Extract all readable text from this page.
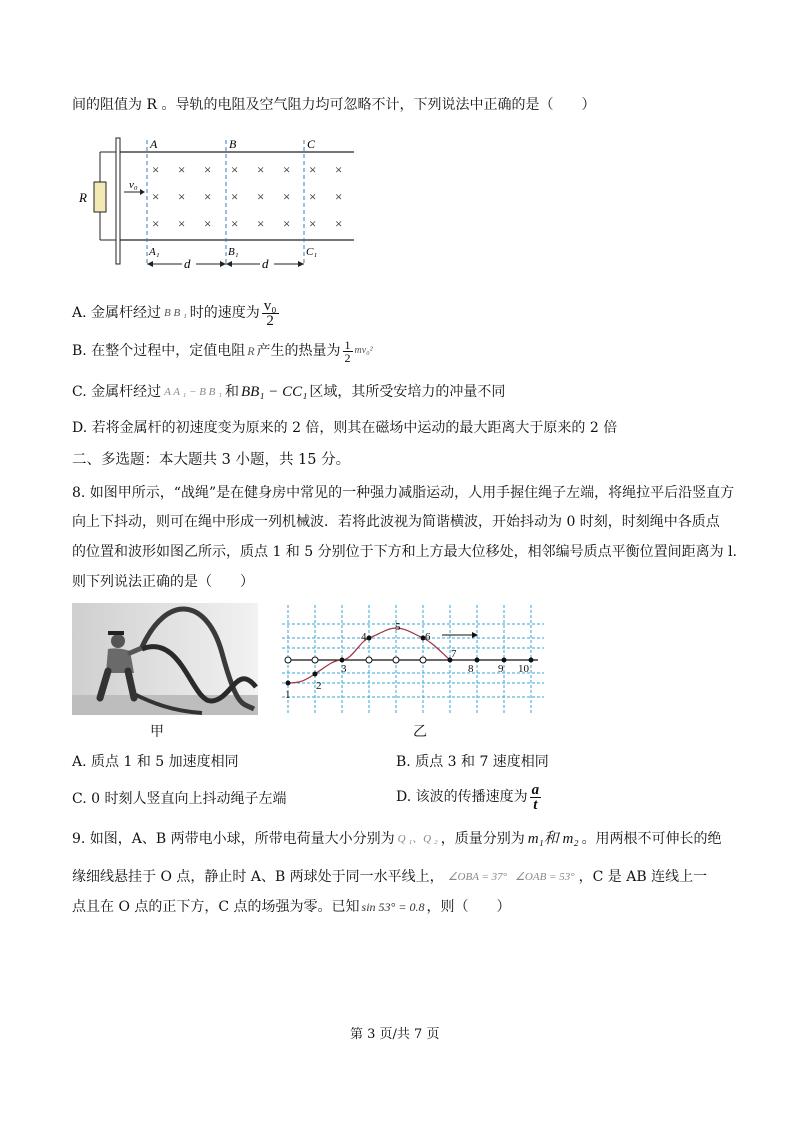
间的阻值为 R 。导轨的电阻及空气阻力均可忽略不计，下列说法中正确的是（　　）
R
v₀
A	B	C
A₁	B₁	C₁
× × × × × × × ×
× × × × × × × ×
× × × × × × × ×
d	d
A. 金属杆经过 B B ₁ 时的速度为 $\frac{\text{v₀}}{2}$
B. 在整个过程中，定值电阻 R 产生的热量为 $\frac{1}{2} mv_0^2$
C. 金属杆经过 A A ₁ − B B ₁ 和 BB₁ − CC₁ 区域，其所受安培力的冲量不同
D. 若将金属杆的初速度变为原来的 2 倍，则其在磁场中运动的最大距离大于原来的 2 倍
二、多选题：本大题共 3 小题，共 15 分。
8. 如图甲所示，“战绳”是在健身房中常见的一种强力减脂运动，人用手握住绳子左端，将绳拉平后沿竖直方
向上下抖动，则可在绳中形成一列机械波．若将此波视为简谐横波，开始抖动为 0 时刻，时刻绳中各质点
的位置和波形如图乙所示，质点 1 和 5 分别位于下方和上方最大位移处，相邻编号质点平衡位置间距离为 l.
则下列说法正确的是（　　）
甲
1
2
3
4
5
6
7
8 9 10
乙
A. 质点 1 和 5 加速度相同	B. 质点 3 和 7 速度相同
C. 0 时刻人竖直向上抖动绳子左端	D. 该波的传播速度为 $\frac{a}{t}$
9. 如图，A、B 两带电小球，所带电荷量大小分别为 Q ₁、Q ₂ ，质量分别为 m₁和 m₂ 。用两根不可伸长的绝
缘细线悬挂于 O 点，静止时 A、B 两球处于同一水平线上， ∠OBA = 37° ∠OAB = 53° ，C 是 AB 连线上一
点且在 O 点的正下方，C 点的场强为零。已知 sin 53° = 0.8 ，则（　　）
第 3 页/共 7 页
